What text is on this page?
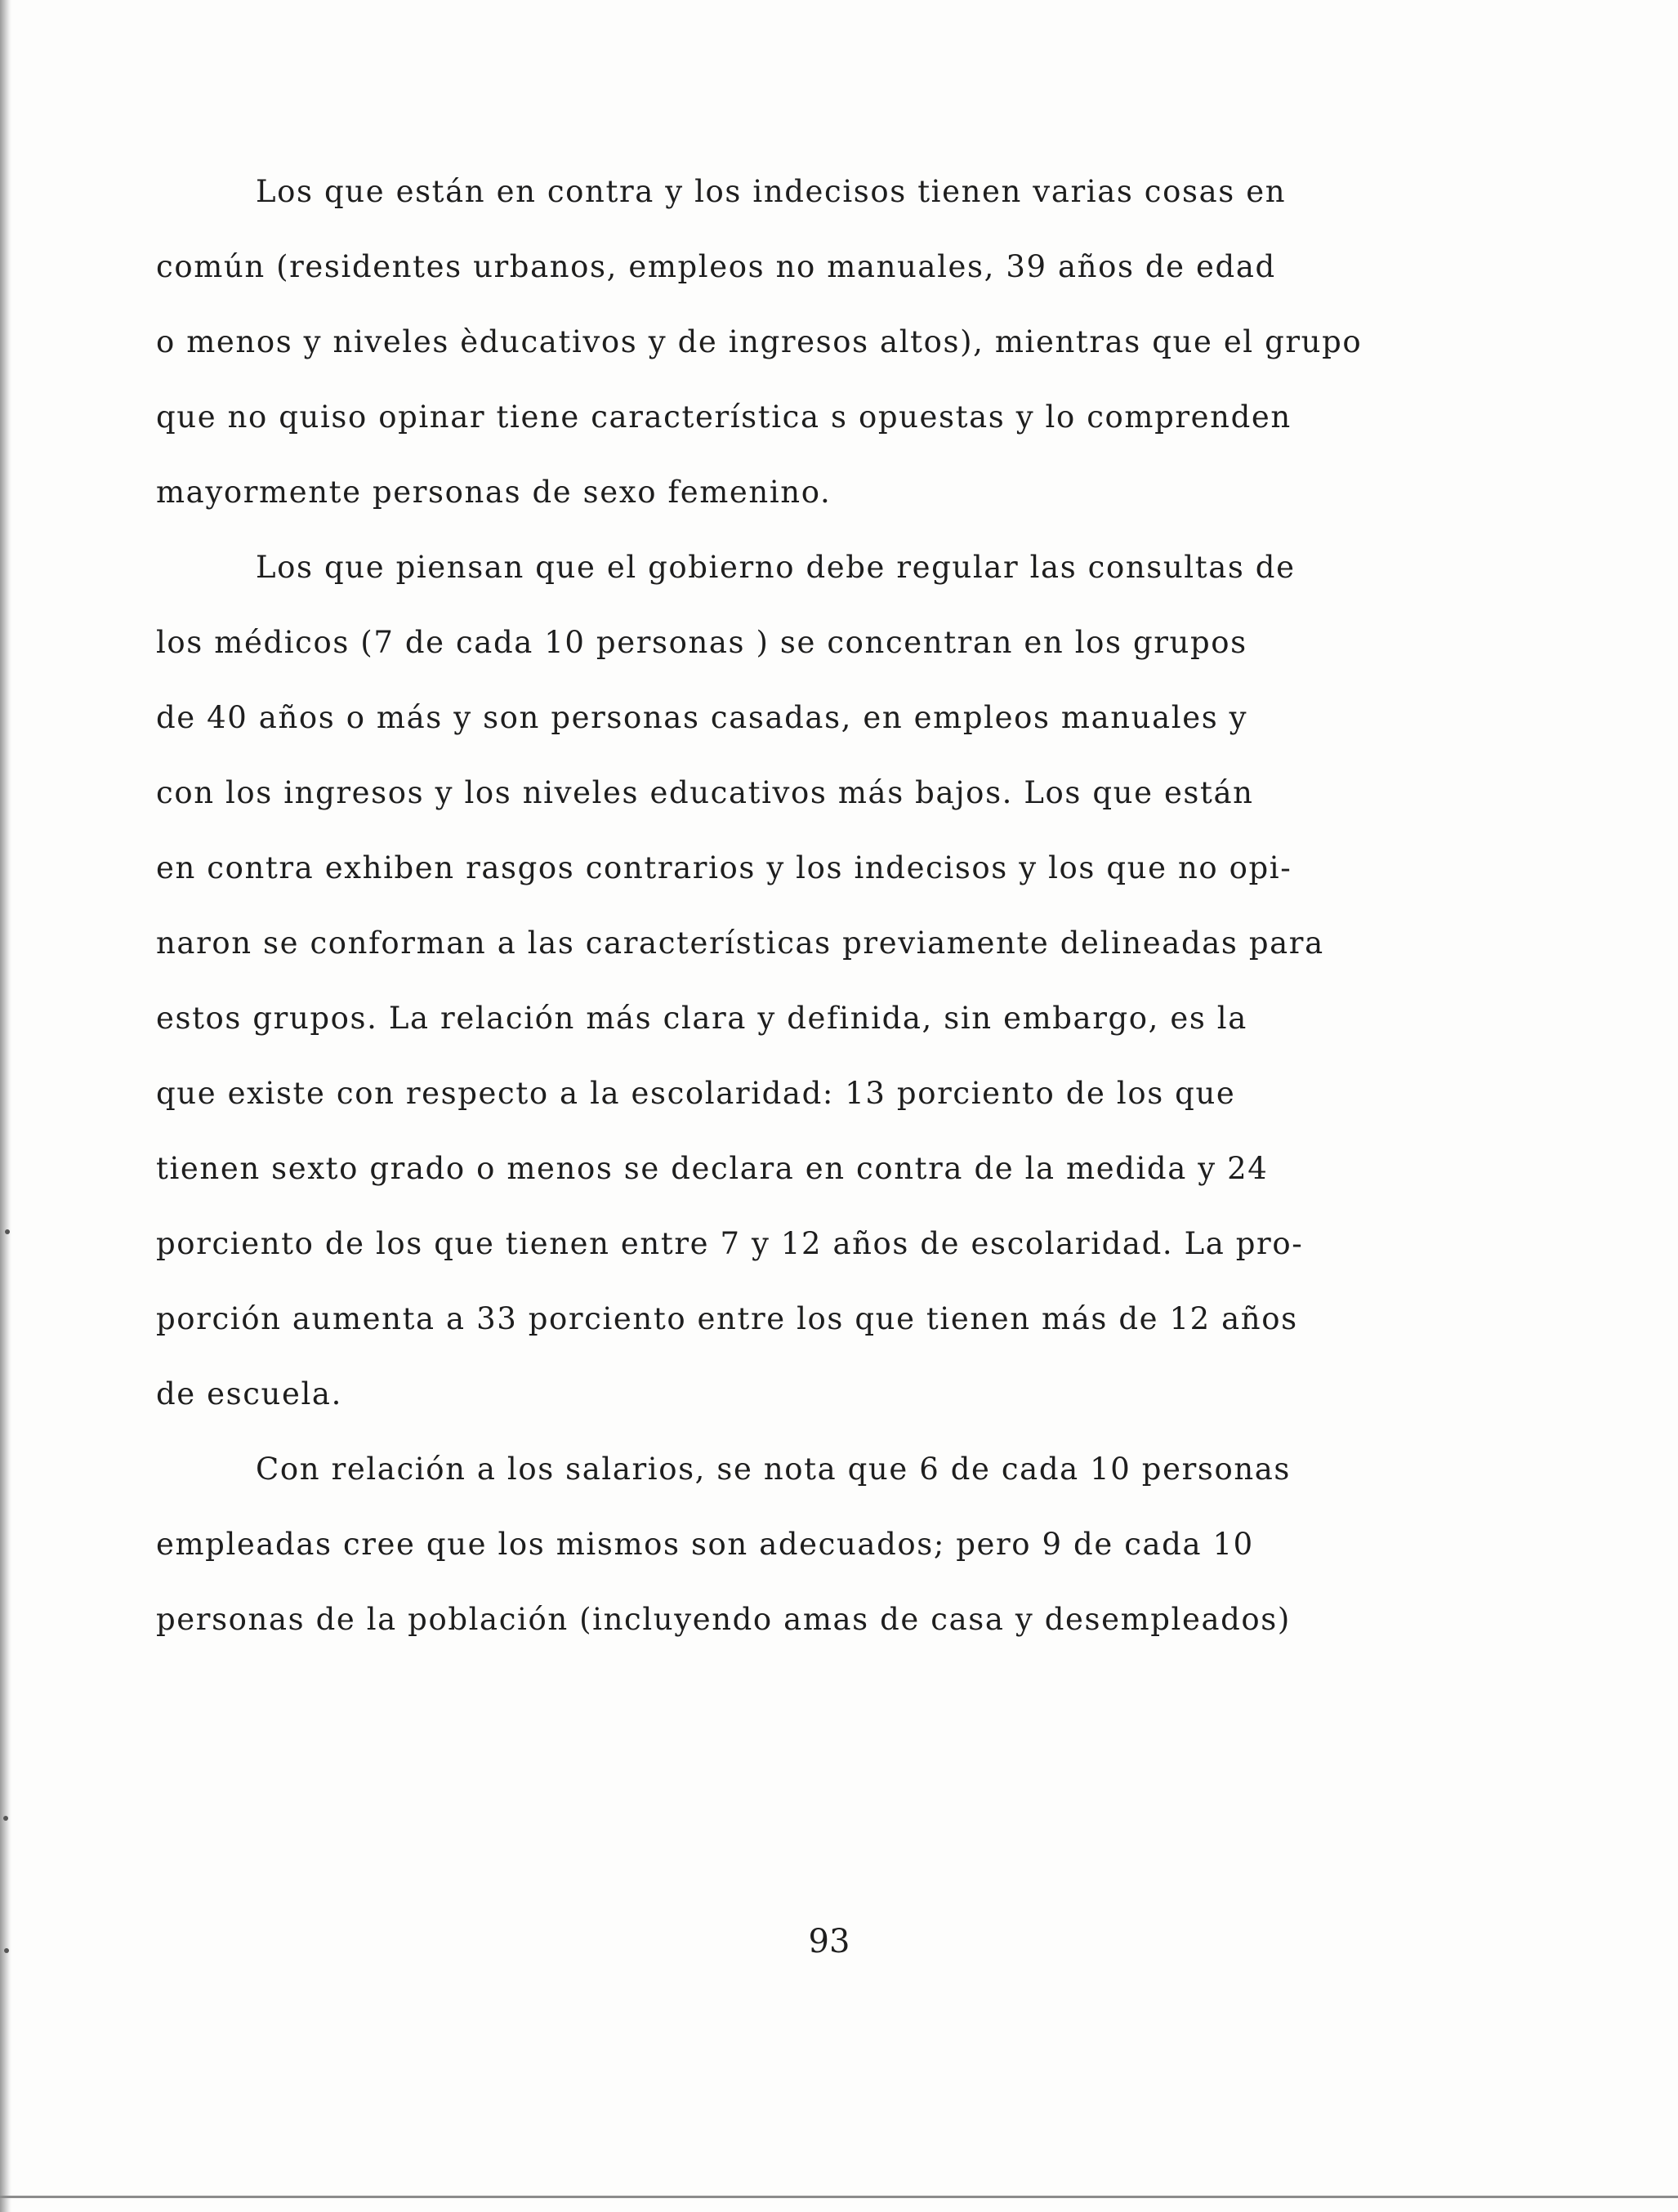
Los que están en contra y los indecisos tienen varias cosas en
común (residentes urbanos, empleos no manuales, 39 años de edad
o menos y niveles èducativos y de ingresos altos), mientras que el grupo
que no quiso opinar tiene característica s opuestas y lo comprenden
mayormente personas de sexo femenino.
Los que piensan que el gobierno debe regular las consultas de
los médicos (7 de cada 10 personas ) se concentran en los grupos
de 40 años o más y son personas casadas, en empleos manuales y
con los ingresos y los niveles educativos más bajos. Los que están
en contra exhiben rasgos contrarios y los indecisos y los que no opi-
naron se conforman a las características previamente delineadas para
estos grupos. La relación más clara y definida, sin embargo, es la
que existe con respecto a la escolaridad: 13 porciento de los que
tienen sexto grado o menos se declara en contra de la medida y 24
porciento de los que tienen entre 7 y 12 años de escolaridad. La pro-
porción aumenta a 33 porciento entre los que tienen más de 12 años
de escuela.
Con relación a los salarios, se nota que 6 de cada 10 personas
empleadas cree que los mismos son adecuados; pero 9 de cada 10
personas de la población (incluyendo amas de casa y desempleados)
93
